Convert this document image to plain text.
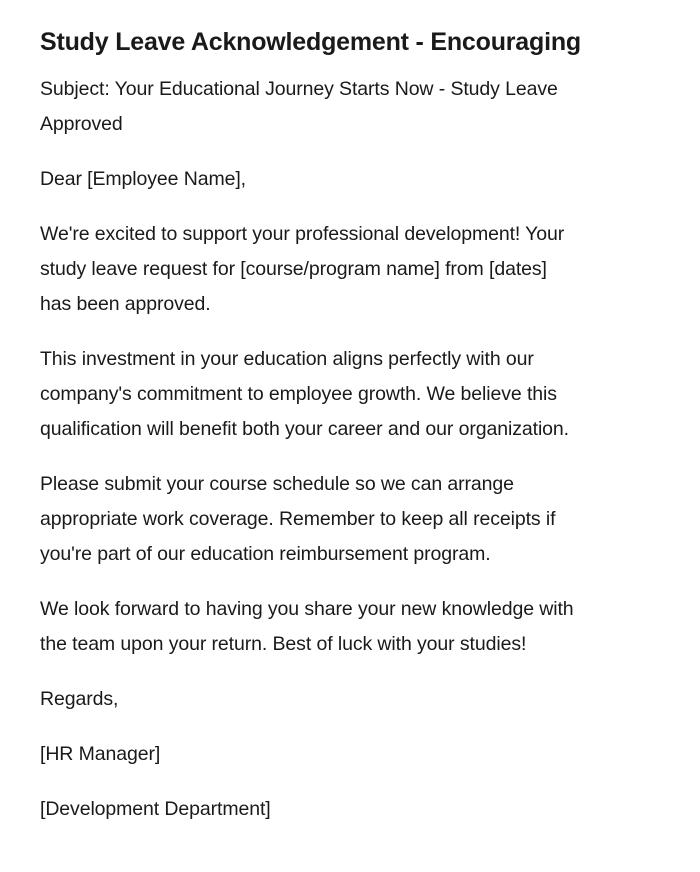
Study Leave Acknowledgement - Encouraging

Subject: Your Educational Journey Starts Now - Study Leave
Approved

Dear [Employee Name],

We're excited to support your professional development! Your
study leave request for [course/program name] from [dates]
has been approved.

This investment in your education aligns perfectly with our
company's commitment to employee growth. We believe this
qualification will benefit both your career and our organization.

Please submit your course schedule so we can arrange
appropriate work coverage. Remember to keep all receipts if
you're part of our education reimbursement program.

We look forward to having you share your new knowledge with
the team upon your return. Best of luck with your studies!

Regards,

[HR Manager]

[Development Department]
